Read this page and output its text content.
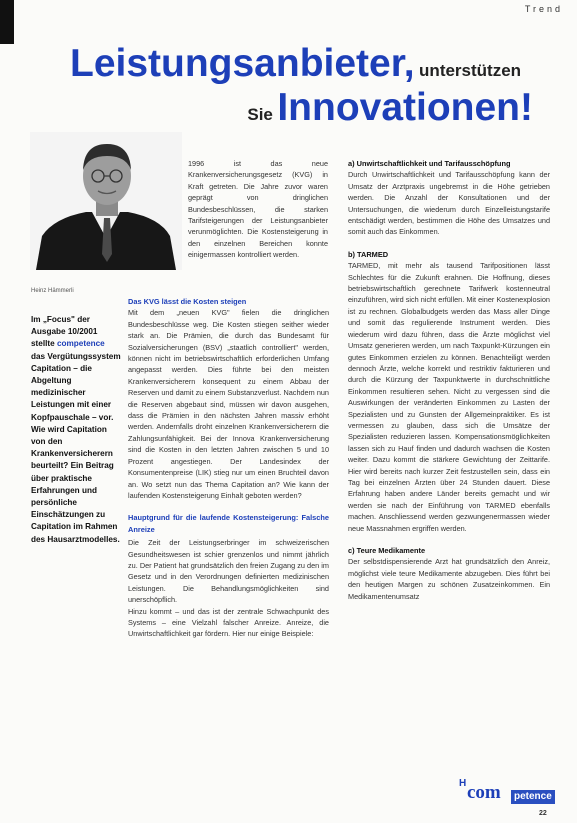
Trend
Leistungsanbieter, unterstützen
Sie Innovationen!
Heinz Hämmerli
Im „Focus" der Ausgabe 10/2001 stellte competence das Vergütungssystem Capitation – die Abgeltung medizinischer Leistungen mit einer Kopfpauschale – vor. Wie wird Capitation von den Krankenversicherern beurteilt? Ein Beitrag über praktische Erfahrungen und persönliche Einschätzungen zu Capitation im Rahmen des Hausarztmodelles.

1996 ist das neue Krankenversicherungsgesetz (KVG) in Kraft getreten. Die Jahre zuvor waren geprägt von dringlichen Bundesbeschlüssen, die starken Tarifsteigerungen der Leistungsanbieter verunmöglichten. Die Kostensteigerung in den einzelnen Bereichen konnte einigermassen kontrolliert werden.

Das KVG lässt die Kosten steigen

Mit dem „neuen KVG" fielen die dringlichen Bundesbeschlüsse weg. Die Kosten stiegen seither wieder stark an. Die Prämien, die durch das Bundesamt für Sozialversicherungen (BSV) „staatlich controlliert" werden, können nicht im betriebswirtschaftlich erforderlichen Umfang angepasst werden. Dies führte bei den meisten Krankenversicherern konsequent zu einem Abbau der Reserven und damit zu einem Substanzverlust. Nachdem nun die Reserven abgebaut sind, müssen wir davon ausgehen, dass die Prämien in den nächsten Jahren massiv erhöht werden. Andernfalls droht einzelnen Krankenversicherern die Zahlungsunfähigkeit. Bei der Innova Krankenversicherung sind die Kosten in den letzten Jahren zwischen 5 und 10 Prozent angestiegen. Der Landesindex der Konsumentenpreise (LIK) stieg nur um einen Bruchteil davon an. Wo setzt nun das Thema Capitation an? Wie kann der laufenden Kostensteigerung Einhalt geboten werden?

Hauptgrund für die laufende Kostensteigerung: Falsche Anreize

Die Zeit der Leistungserbringer im schweizerischen Gesundheitswesen ist schier grenzenlos und nimmt jährlich zu. Der Patient hat grundsätzlich den freien Zugang zu den im Gesetz und in den Verordnungen definierten medizinischen Leistungen. Die Behandlungsmöglichkeiten sind unerschöpflich.

Hinzu kommt – und das ist der zentrale Schwachpunkt des Systems – eine Vielzahl falscher Anreize. Anreize, die Unwirtschaftlichkeit gar fördern. Hier nur einige Beispiele:

a) Unwirtschaftlichkeit und Tarifausschöpfung

Durch Unwirtschaftlichkeit und Tarifausschöpfung kann der Umsatz der Arztpraxis ungebremst in die Höhe getrieben werden. Die Anzahl der Konsultationen und der Untersuchungen, die wiederum durch Einzelleistungstarife entschädigt werden, bestimmen die Höhe des Umsatzes und somit auch das Einkommen.

b) TARMED

TARMED, mit mehr als tausend Tarifpositionen lässt Schlechtes für die Zukunft erahnen. Die Hoffnung, dieses betriebswirtschaftlich gerechnete Tarifwerk kostenneutral einzuführen, wird sich nicht erfüllen. Mit einer Kostenexplosion ist zu rechnen. Globalbudgets werden das Mass aller Dinge und somit das regulierende Instrument werden. Dies wiederum wird dazu führen, dass die Ärzte möglichst viel Umsatz generieren werden, um nach Taxpunkt-Kürzungen ein gutes Einkommen erzielen zu können. Benachteiligt werden dennoch Ärzte, welche korrekt und restriktiv fakturieren und durch die Kürzung der Taxpunktwerte in durchschnittliche Einkommen resultieren sehen. Nicht zu vergessen sind die Auswirkungen der veränderten Einkommen zu Lasten der Spezialisten und zu Gunsten der Allgemeinpraktiker. Es ist vermessen zu glauben, dass sich die Umsätze der Spezialisten reduzieren lassen. Kompensationsmöglichkeiten lassen sich zu Hauf finden und dadurch wachsen die Kosten weiter. Dazu kommt die stärkere Gewichtung der Zeittarife. Hier wird bereits nach kurzer Zeit festzustellen sein, dass ein Tag bei einzelnen Ärzten über 24 Stunden dauert. Diese Erfahrung haben andere Länder bereits gemacht und wir werden sie nach der Einführung von TARMED ebenfalls machen. Anschliessend werden gezwungenermassen wieder neue Massnahmen ergriffen werden.

c) Teure Medikamente

Der selbstdispensierende Arzt hat grundsätzlich den Anreiz, möglichst viele teure Medikamente abzugeben. Dies führt bei den heutigen Margen zu schönen Zusatzeinkommen. Ein Medikamentenumsatz

H com	petence
22
